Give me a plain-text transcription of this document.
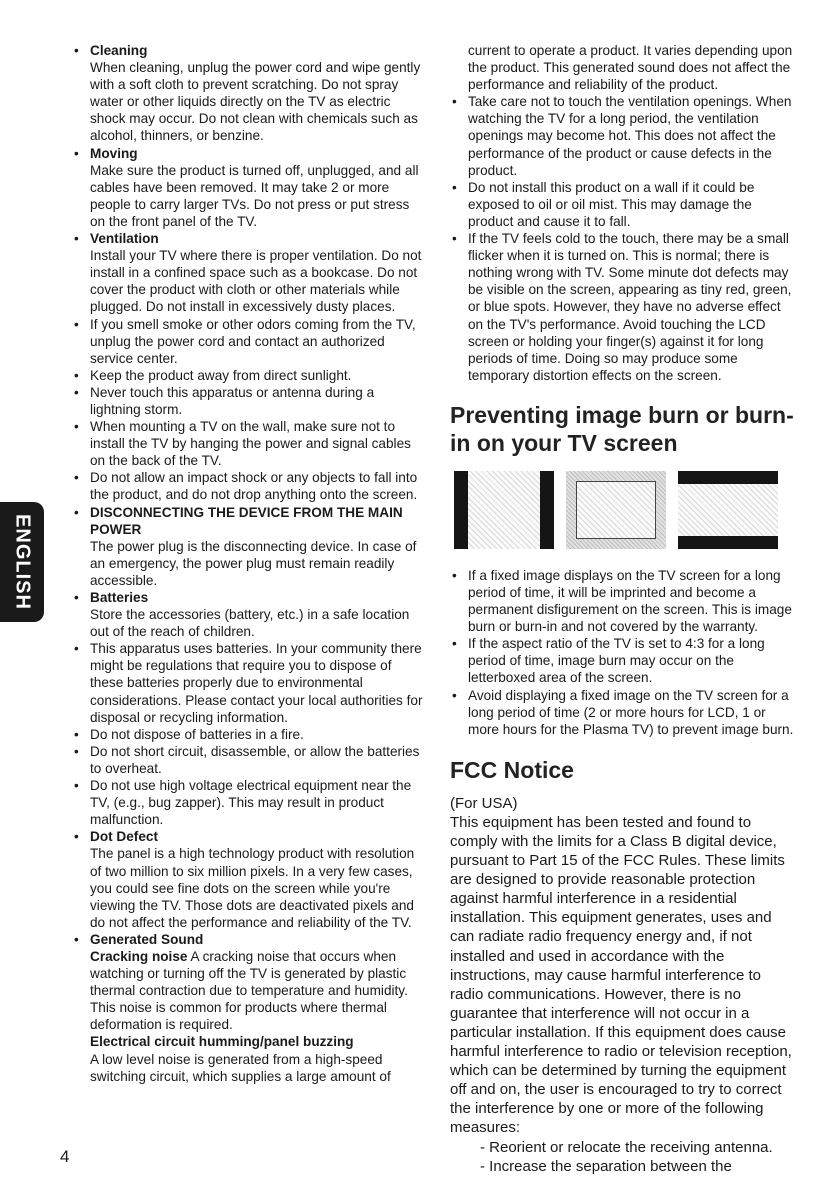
• Cleaning
When cleaning, unplug the power cord and wipe gently with a soft cloth to prevent scratching. Do not spray water or other liquids directly on the TV as electric shock may occur. Do not clean with chemicals such as alcohol, thinners, or benzine.
• Moving
Make sure the product is turned off, unplugged, and all cables have been removed. It may take 2 or more people to carry larger TVs. Do not press or put stress on the front panel of the TV.
• Ventilation
Install your TV where there is proper ventilation. Do not install in a confined space such as a bookcase. Do not cover the product with cloth or other materials while plugged. Do not install in excessively dusty places.
• If you smell smoke or other odors coming from the TV, unplug the power cord and contact an authorized service center.
• Keep the product away from direct sunlight.
• Never touch this apparatus or antenna during a lightning storm.
• When mounting a TV on the wall, make sure not to install the TV by hanging the power and signal cables on the back of the TV.
• Do not allow an impact shock or any objects to fall into the product, and do not drop anything onto the screen.
• DISCONNECTING THE DEVICE FROM THE MAIN POWER
The power plug is the disconnecting device. In case of an emergency, the power plug must remain readily accessible.
• Batteries
Store the accessories (battery, etc.) in a safe location out of the reach of children.
• This apparatus uses batteries. In your community there might be regulations that require you to dispose of these batteries properly due to environmental considerations. Please contact your local authorities for disposal or recycling information.
• Do not dispose of batteries in a fire.
• Do not short circuit, disassemble, or allow the batteries to overheat.
• Do not use high voltage electrical equipment near the TV, (e.g., bug zapper). This may result in product malfunction.
• Dot Defect
The panel is a high technology product with resolution of two million to six million pixels. In a very few cases, you could see fine dots on the screen while you're viewing the TV. Those dots are deactivated pixels and do not affect the performance and reliability of the TV.
• Generated Sound
Cracking noise A cracking noise that occurs when watching or turning off the TV is generated by plastic thermal contraction due to temperature and humidity. This noise is common for products where thermal deformation is required.
Electrical circuit humming/panel buzzing
A low level noise is generated from a high-speed switching circuit, which supplies a large amount of
current to operate a product. It varies depending upon the product. This generated sound does not affect the performance and reliability of the product.
• Take care not to touch the ventilation openings. When watching the TV for a long period, the ventilation openings may become hot. This does not affect the performance of the product or cause defects in the product.
• Do not install this product on a wall if it could be exposed to oil or oil mist. This may damage the product and cause it to fall.
• If the TV feels cold to the touch, there may be a small flicker when it is turned on. This is normal; there is nothing wrong with TV. Some minute dot defects may be visible on the screen, appearing as tiny red, green, or blue spots. However, they have no adverse effect on the TV's performance. Avoid touching the LCD screen or holding your finger(s) against it for long periods of time. Doing so may produce some temporary distortion effects on the screen.
Preventing image burn or burn-in on your TV screen
• If a fixed image displays on the TV screen for a long period of time, it will be imprinted and become a permanent disfigurement on the screen. This is image burn or burn-in and not covered by the warranty.
• If the aspect ratio of the TV is set to 4:3 for a long period of time, image burn may occur on the letterboxed area of the screen.
• Avoid displaying a fixed image on the TV screen for a long period of time (2 or more hours for LCD, 1 or more hours for the Plasma TV) to prevent image burn.
FCC Notice
(For USA)
This equipment has been tested and found to comply with the limits for a Class B digital device, pursuant to Part 15 of the FCC Rules. These limits are designed to provide reasonable protection against harmful interference in a residential installation. This equipment generates, uses and can radiate radio frequency energy and, if not installed and used in accordance with the instructions, may cause harmful interference to radio communications. However, there is no guarantee that interference will not occur in a particular installation. If this equipment does cause harmful interference to radio or television reception, which can be determined by turning the equipment off and on, the user is encouraged to try to correct the interference by one or more of the following measures:
- Reorient or relocate the receiving antenna.
- Increase the separation between the
ENGLISH
4
